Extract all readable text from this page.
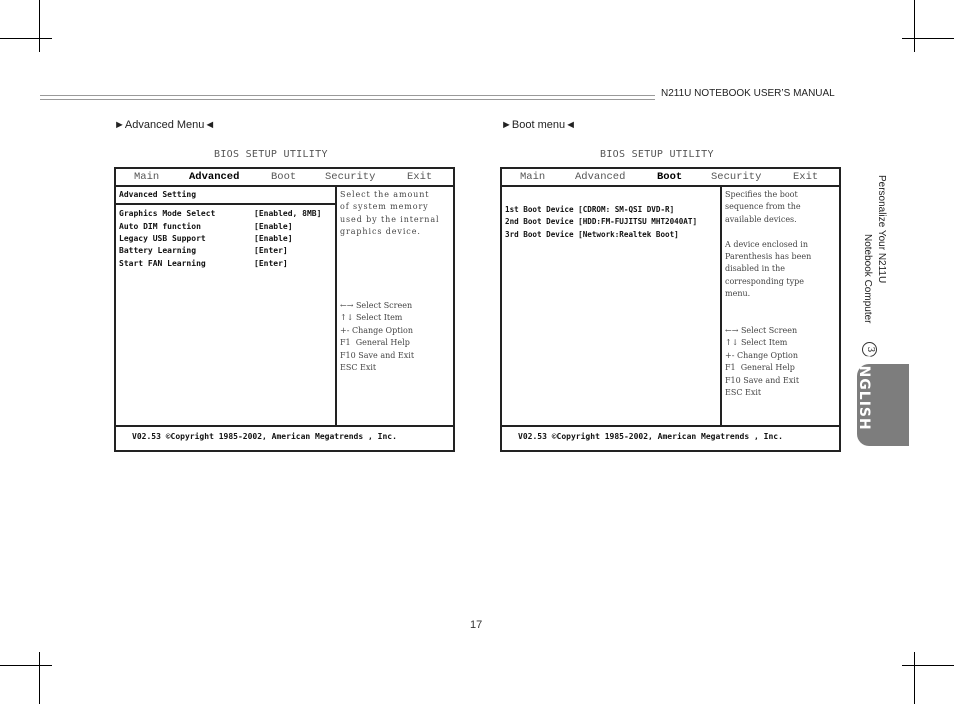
N211U NOTEBOOK USER’S MANUAL
►Advanced Menu◄
BIOS SETUP UTILITY
Main	Advanced	Boot	Security	Exit
Advanced Setting
Graphics Mode Select	[Enabled, 8MB]
Auto DIM function	[Enable]
Legacy USB Support	[Enable]
Battery Learning	[Enter]
Start FAN Learning	[Enter]
Select the amount
of system memory
used by the internal
graphics device.
←→ Select Screen
↑↓ Select Item
+- Change Option
F1  General Help
F10 Save and Exit
ESC Exit
V02.53 ©Copyright 1985-2002, American Megatrends , Inc.
►Boot menu◄
BIOS SETUP UTILITY
Main	Advanced	Boot	Security	Exit
1st Boot Device [CDROM: SM-QSI DVD-R]
2nd Boot Device [HDD:FM-FUJITSU MHT2040AT]
3rd Boot Device [Network:Realtek Boot]
Specifies the boot
sequence from the
available devices.

A device enclosed in
Parenthesis has been
disabled in the
corresponding type
menu.
←→ Select Screen
↑↓ Select Item
+- Change Option
F1  General Help
F10 Save and Exit
ESC Exit
V02.53 ©Copyright 1985-2002, American Megatrends , Inc.
Personalize Your N211U
Notebook Computer
3
ENGLISH
17
